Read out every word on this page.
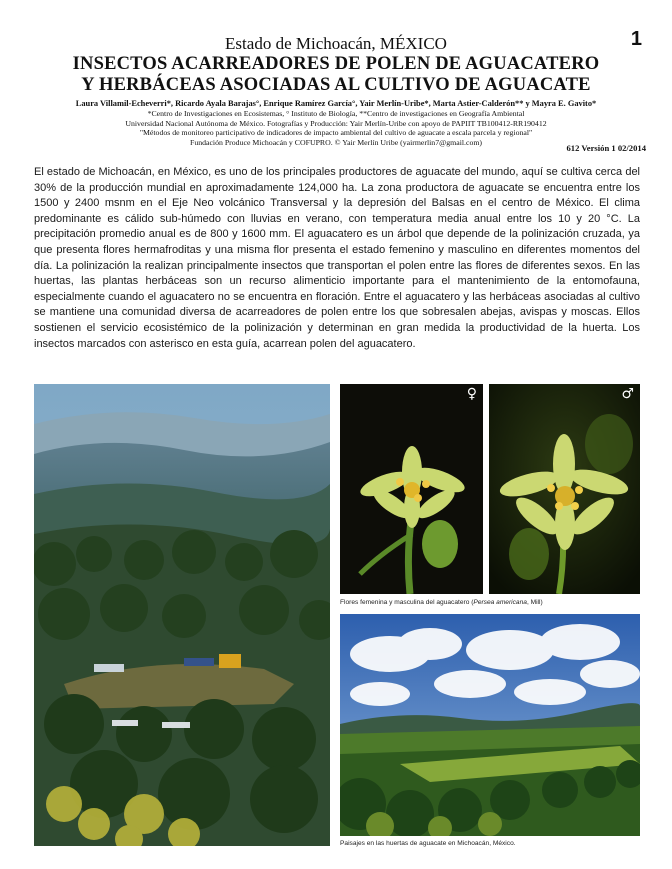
1

Estado de Michoacán, MÉXICO

INSECTOS ACARREADORES DE POLEN DE AGUACATERO

Y HERBÁCEAS ASOCIADAS AL CULTIVO DE AGUACATE

Laura Villamil-Echeverri*, Ricardo Ayala Barajas°, Enrique Ramírez García°, Yair Merlín-Uribe*, Marta Astier-Calderón** y Mayra E. Gavito*
*Centro de Investigaciones en Ecosistemas, ° Instituto de Biología, **Centro de investigaciones en Geografía Ambiental
Universidad Nacional Autónoma de México. Fotografías y Producción: Yair Merlín-Uribe con apoyo de PAPIIT TB100412-RR190412
"Métodos de monitoreo participativo de indicadores de impacto ambiental del cultivo de aguacate a escala parcela y regional"
Fundación Produce Michoacán y COFUPRO. © Yair Merlín Uribe (yairmerlin7@gmail.com)
612 Versión 1 02/2014

El estado de Michoacán, en México, es uno de los principales productores de aguacate del mundo, aquí se cultiva cerca del 30% de la producción mundial en aproximadamente 124,000 ha. La zona productora de aguacate se encuentra entre los 1500 y 2400 msnm en el Eje Neo volcánico Transversal y la depresión del Balsas en el centro de México. El clima predominante es cálido sub-húmedo con lluvias en verano, con temperatura media anual entre los 10 y 20 °C. La precipitación promedio anual es de 800 y 1600 mm. El aguacatero es un árbol que depende de la polinización cruzada, ya que presenta flores hermafroditas y una misma flor presenta el estado femenino y masculino en diferentes momentos del día. La polinización la realizan principalmente insectos que transportan el polen entre las flores de diferentes sexos. En las huertas, las plantas herbáceas son un recurso alimenticio importante para el mantenimiento de la entomofauna, especialmente cuando el aguacatero no se encuentra en floración. Entre el aguacatero y las herbáceas asociadas al cultivo se mantiene una comunidad diversa de acarreadores de polen entre los que sobresalen abejas, avispas y moscas. Ellos sostienen el servicio ecosistémico de la polinización y determinan en gran medida la productividad de la huerta. Los insectos marcados con asterisco en esta guía, acarrean polen del aguacatero.

♀	♂
Flores femenina y masculina del aguacatero (Persea americana, Mill)
Paisajes en las huertas de aguacate en Michoacán, México.
